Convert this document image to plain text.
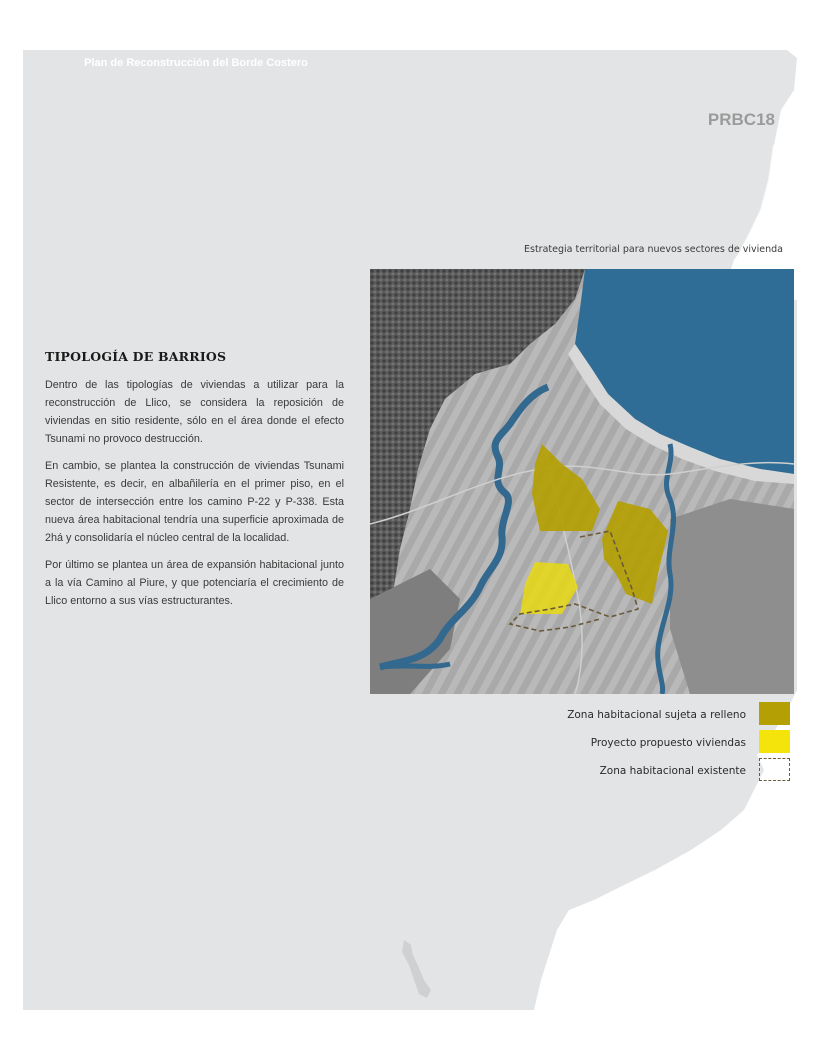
Plan de Reconstrucción del Borde Costero
TIPOLOGÍA DE BARRIOS

Dentro de las tipologías de viviendas a utilizar para la reconstrucción de Llico, se considera la reposición de viviendas en sitio residente, sólo en el área donde el efecto Tsunami no provoco destrucción.

En cambio, se plantea la construcción de viviendas Tsunami Resistente, es decir, en albañilería en el primer piso, en el sector de intersección entre los camino P-22 y P-338. Esta nueva área habitacional tendría una superficie aproximada de 2há y consolidaría el núcleo central de la localidad.

Por último se plantea un área de expansión habitacional junto a la vía Camino al Piure, y que potenciaría el crecimiento de Llico entorno a sus vías estructurantes.

PRBC18
Estrategia territorial para nuevos sectores de vivienda
Zona habitacional sujeta a relleno
Proyecto propuesto viviendas
Zona habitacional existente
24
